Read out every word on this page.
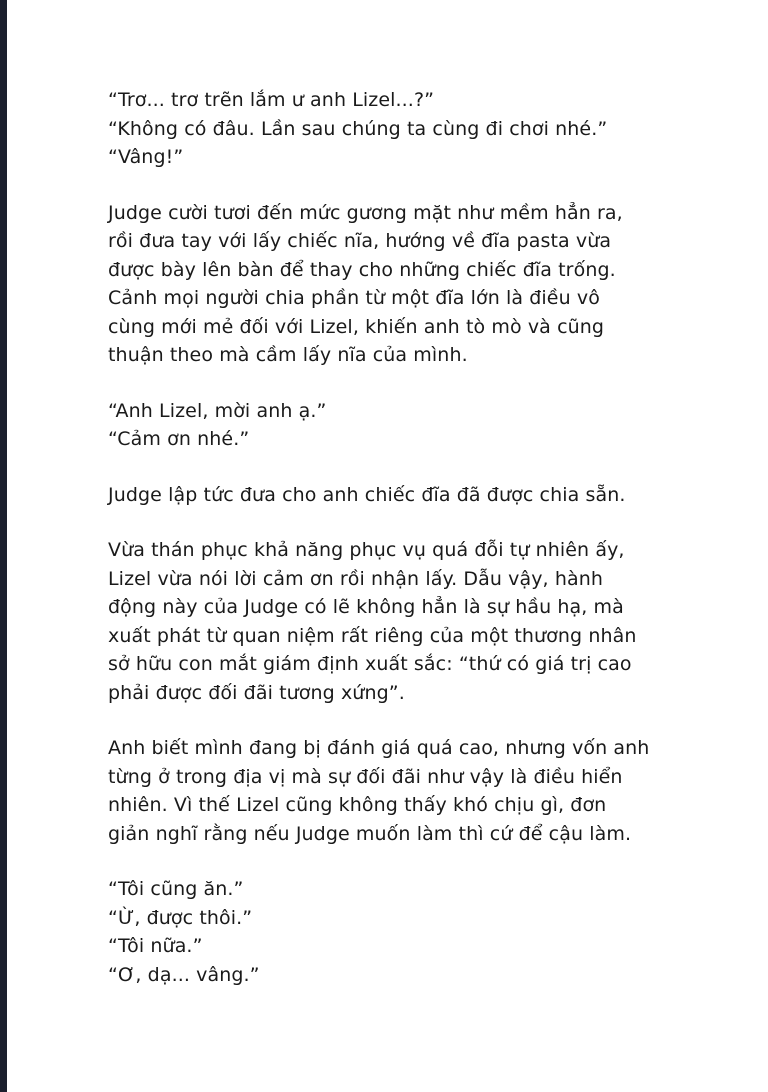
“Trơ... trơ trẽn lắm ư anh Lizel...?”
“Không có đâu. Lần sau chúng ta cùng đi chơi nhé.”
“Vâng!”
Judge cười tươi đến mức gương mặt như mềm hẳn ra,
rồi đưa tay với lấy chiếc nĩa, hướng về đĩa pasta vừa
được bày lên bàn để thay cho những chiếc đĩa trống.
Cảnh mọi người chia phần từ một đĩa lớn là điều vô
cùng mới mẻ đối với Lizel, khiến anh tò mò và cũng
thuận theo mà cầm lấy nĩa của mình.
“Anh Lizel, mời anh ạ.”
“Cảm ơn nhé.”
Judge lập tức đưa cho anh chiếc đĩa đã được chia sẵn.
Vừa thán phục khả năng phục vụ quá đỗi tự nhiên ấy,
Lizel vừa nói lời cảm ơn rồi nhận lấy. Dẫu vậy, hành
động này của Judge có lẽ không hẳn là sự hầu hạ, mà
xuất phát từ quan niệm rất riêng của một thương nhân
sở hữu con mắt giám định xuất sắc: “thứ có giá trị cao
phải được đối đãi tương xứng”.
Anh biết mình đang bị đánh giá quá cao, nhưng vốn anh
từng ở trong địa vị mà sự đối đãi như vậy là điều hiển
nhiên. Vì thế Lizel cũng không thấy khó chịu gì, đơn
giản nghĩ rằng nếu Judge muốn làm thì cứ để cậu làm.
“Tôi cũng ăn.”
“Ừ, được thôi.”
“Tôi nữa.”
“Ơ, dạ... vâng.”
